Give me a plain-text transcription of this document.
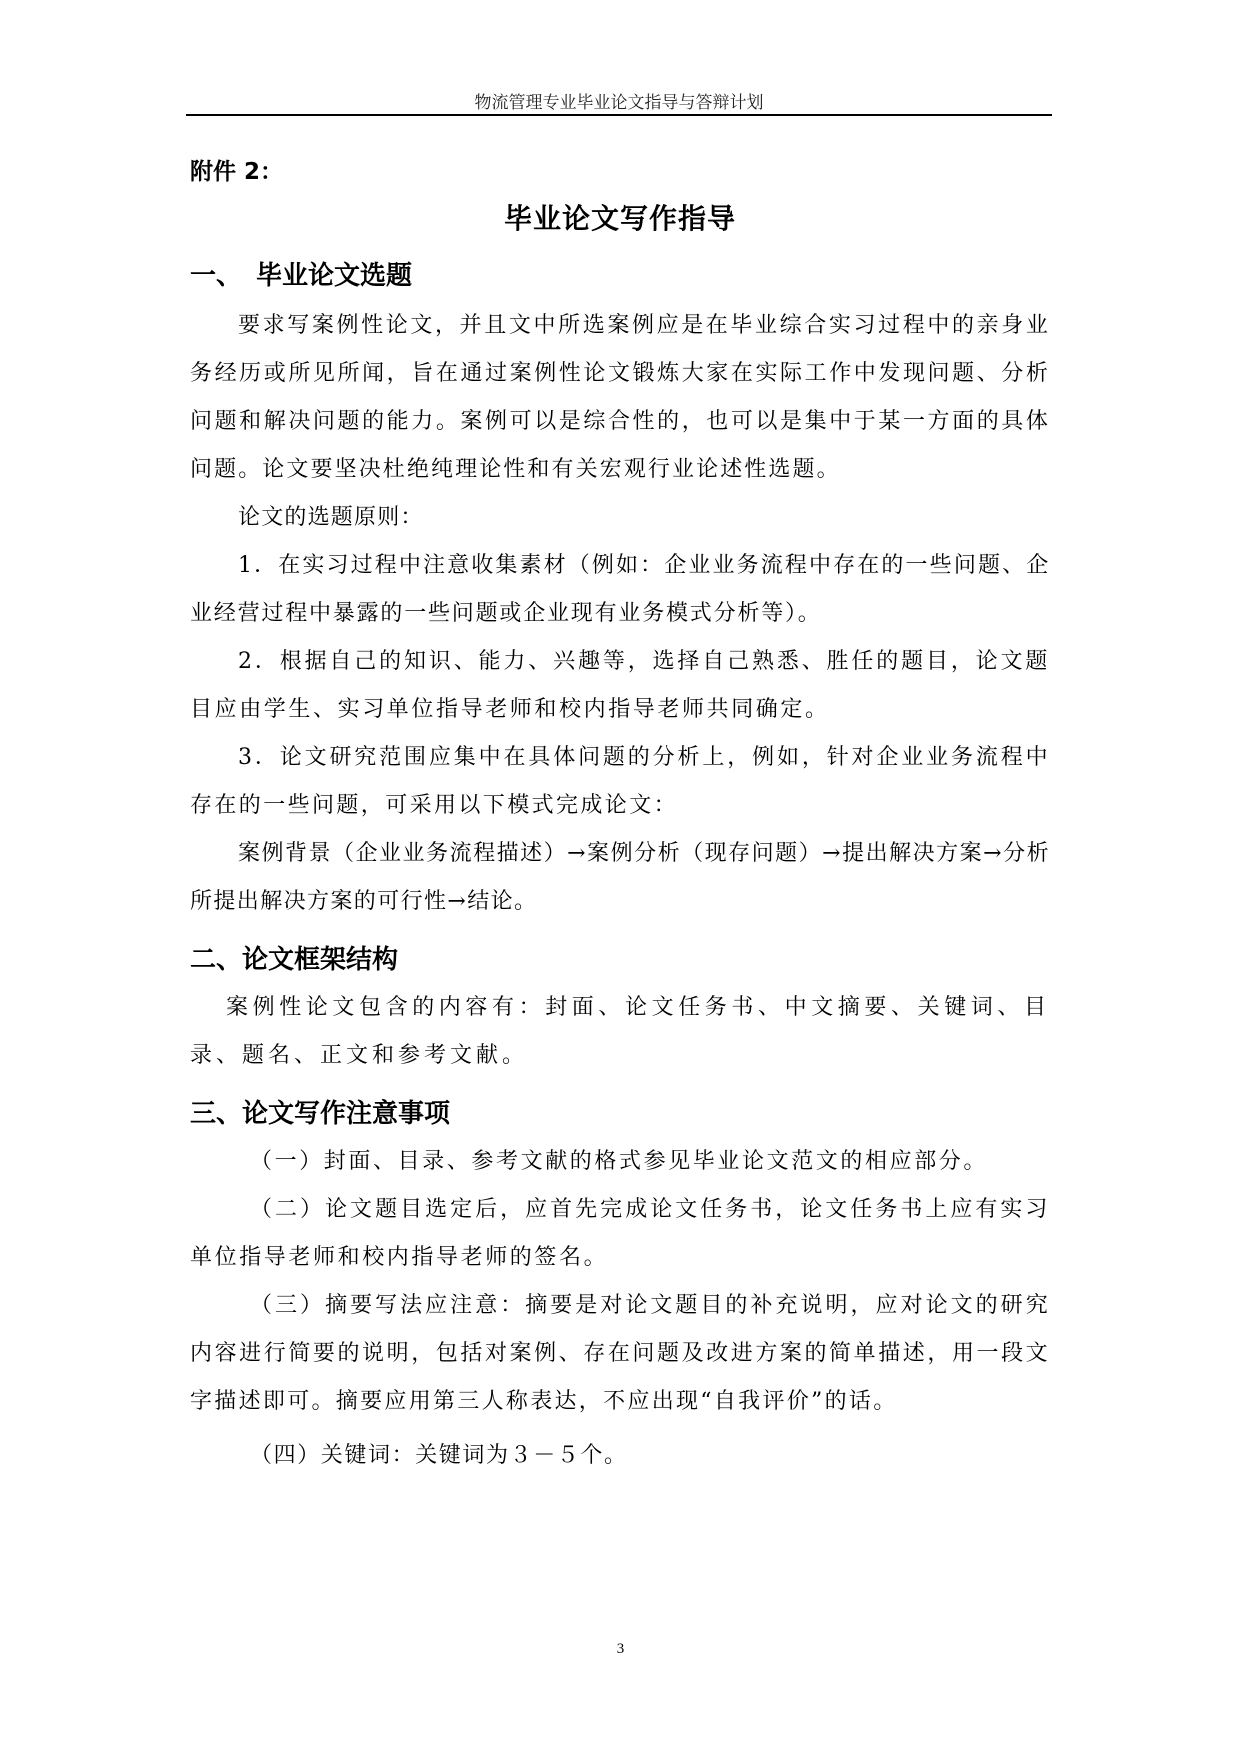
物流管理专业毕业论文指导与答辩计划

附件 2：

毕业论文写作指导
一、 毕业论文选题

要求写案例性论文，并且文中所选案例应是在毕业综合实习过程中的亲身业务经历或所见所闻，旨在通过案例性论文锻炼大家在实际工作中发现问题、分析问题和解决问题的能力。案例可以是综合性的，也可以是集中于某一方面的具体问题。论文要坚决杜绝纯理论性和有关宏观行业论述性选题。

论文的选题原则：

1．在实习过程中注意收集素材（例如：企业业务流程中存在的一些问题、企业经营过程中暴露的一些问题或企业现有业务模式分析等）。

2．根据自己的知识、能力、兴趣等，选择自己熟悉、胜任的题目，论文题目应由学生、实习单位指导老师和校内指导老师共同确定。

3．论文研究范围应集中在具体问题的分析上，例如，针对企业业务流程中存在的一些问题，可采用以下模式完成论文：

案例背景（企业业务流程描述）→案例分析（现存问题）→提出解决方案→分析所提出解决方案的可行性→结论。

二、论文框架结构

案例性论文包含的内容有：封面、论文任务书、中文摘要、关键词、目录、题名、正文和参考文献。

三、论文写作注意事项

（一）封面、目录、参考文献的格式参见毕业论文范文的相应部分。

（二）论文题目选定后，应首先完成论文任务书，论文任务书上应有实习单位指导老师和校内指导老师的签名。

（三）摘要写法应注意：摘要是对论文题目的补充说明，应对论文的研究内容进行简要的说明，包括对案例、存在问题及改进方案的简单描述，用一段文字描述即可。摘要应用第三人称表达，不应出现“自我评价”的话。

（四）关键词：关键词为３－５个。

3
